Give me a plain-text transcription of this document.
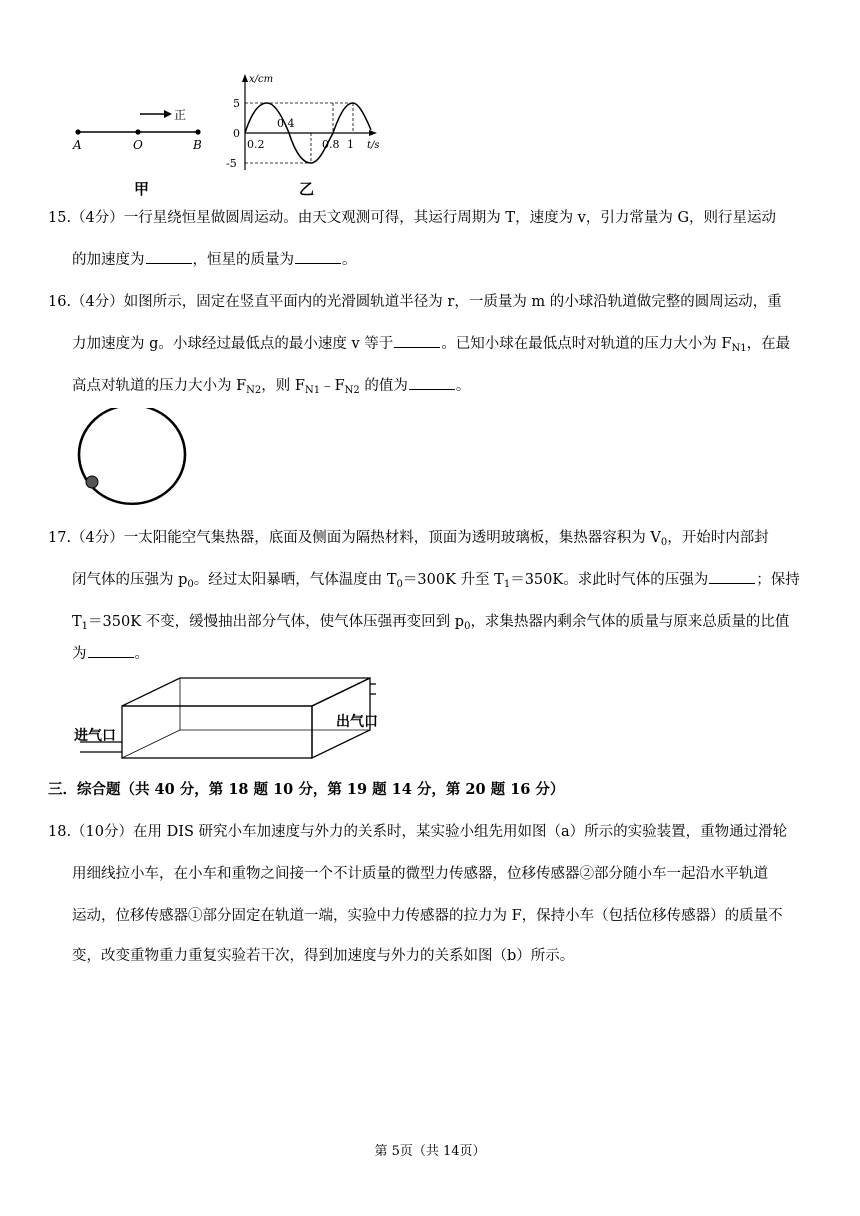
A	O	B
正
甲
x/cm
t/s
5
0
-5
0.2
0.4
0.8 1
乙
15.（4分）一行星绕恒星做圆周运动。由天文观测可得，其运行周期为 T，速度为 v，引力常量为 G，则行星运动
的加速度为	，恒星的质量为	。
16.（4分）如图所示，固定在竖直平面内的光滑圆轨道半径为 r，一质量为 m 的小球沿轨道做完整的圆周运动，重
力加速度为 g。小球经过最低点的最小速度 v 等于	。已知小球在最低点时对轨道的压力大小为 $F_{N1}$，在最
高点对轨道的压力大小为 $F_{N2}$，则 $F_{N1}﹣F_{N2}$ 的值为	。
17.（4分）一太阳能空气集热器，底面及侧面为隔热材料，顶面为透明玻璃板，集热器容积为 $V_0$，开始时内部封
闭气体的压强为 $p_0$。经过太阳暴晒，气体温度由 $T_0=300K$ 升至 $T_1=350K$。求此时气体的压强为	；保持
$T_1=350K$ 不变，缓慢抽出部分气体，使气体压强再变回到 $p_0$，求集热器内剩余气体的质量与原来总质量的比值
为	。
进气口
出气口
三．综合题（共 40 分，第 18 题 10 分，第 19 题 14 分，第 20 题 16 分）
18.（10分）在用 DIS 研究小车加速度与外力的关系时，某实验小组先用如图（a）所示的实验装置，重物通过滑轮
用细线拉小车，在小车和重物之间接一个不计质量的微型力传感器，位移传感器②部分随小车一起沿水平轨道
运动，位移传感器①部分固定在轨道一端，实验中力传感器的拉力为 F，保持小车（包括位移传感器）的质量不
变，改变重物重力重复实验若干次，得到加速度与外力的关系如图（b）所示。
第 5页（共 14页）
